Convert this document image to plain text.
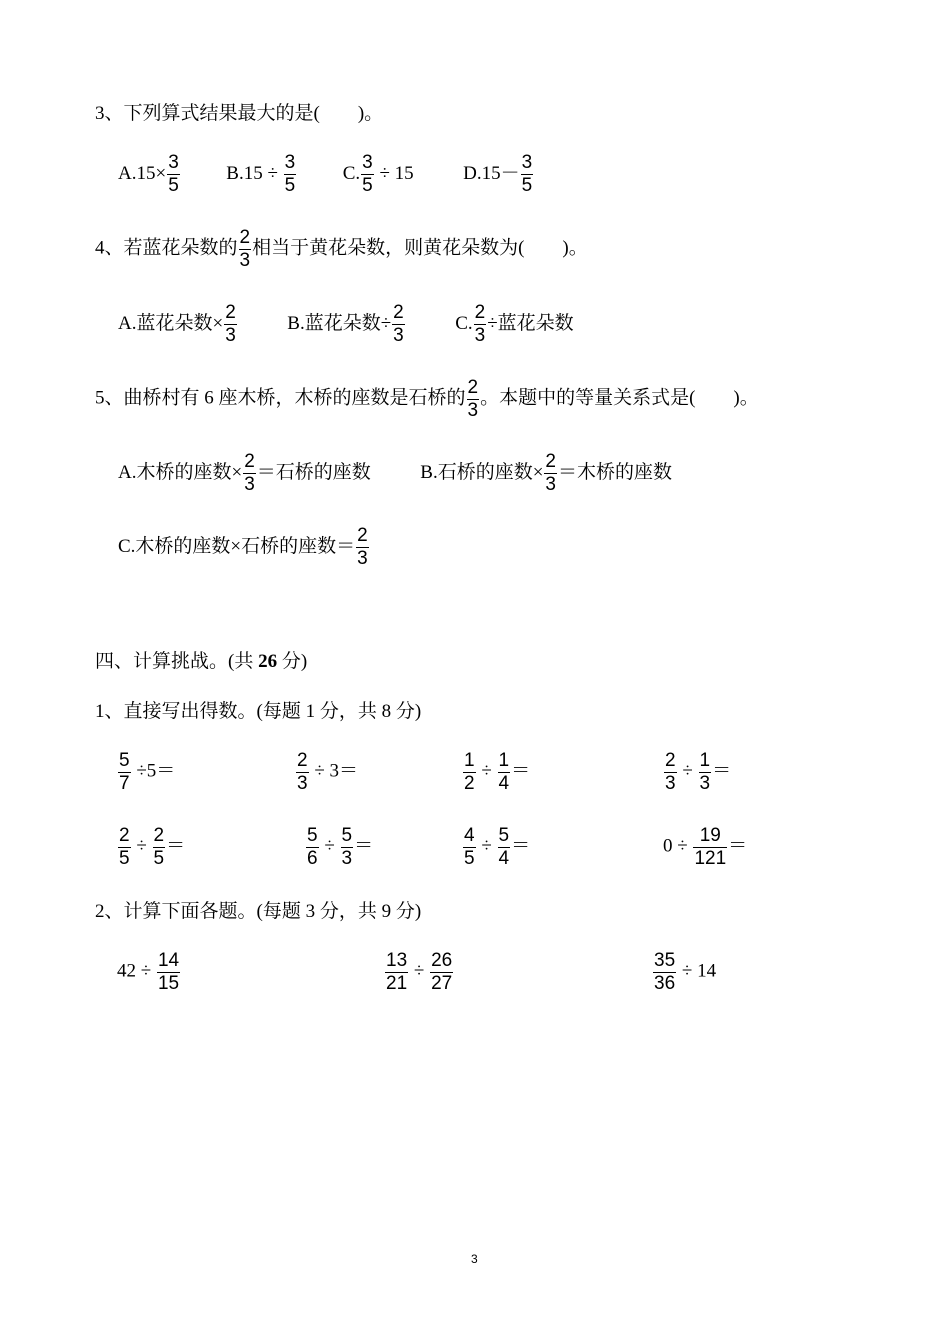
3、下列算式结果最大的是(　　)。
$A.15\times \frac{3}{5} B.15 \div \frac{3}{5} C$. $\frac{3}{5} \div 15$	$D.15- \frac{3}{5}$
4、若蓝花朵数的 $\frac{2}{3}$ 相当于黄花朵数，则黄花朵数为(　　)。
A.蓝花朵数× $\frac{2}{3}$	B.蓝花朵数÷ $\frac{2}{3}$	C. $\frac{2}{3}$ ÷蓝花朵数
5、曲桥村有 6 座木桥，木桥的座数是石桥的 $\frac{2}{3}$ 。本题中的等量关系式是(　　)。
A.木桥的座数× $\frac{2}{3}$ ＝石桥的座数	B.石桥的座数× $\frac{2}{3}$ ＝木桥的座数
C.木桥的座数×石桥的座数＝ $\frac{2}{3}$
四、计算挑战。(共 26 分)
1、直接写出得数。(每题 1 分，共 8 分)
$\frac{5}{7} \div 5=$	$\frac{2}{3} \div 3=$	$\frac{1}{2} \div \frac{1}{4}$ ＝	$\frac{2}{3} \div \frac{1}{3}$ ＝
$\frac{2}{5} \div \frac{2}{5}$ ＝	$\frac{5}{6} \div \frac{5}{3}$ ＝	$\frac{4}{5} \div \frac{5}{4}$ ＝	$0 \div \frac{19}{121}$ ＝
2、计算下面各题。(每题 3 分，共 9 分)
$42 \div \frac{14}{15}$	$\frac{13}{21} \div \frac{26}{27}$	$\frac{35}{36} \div 14$
3
